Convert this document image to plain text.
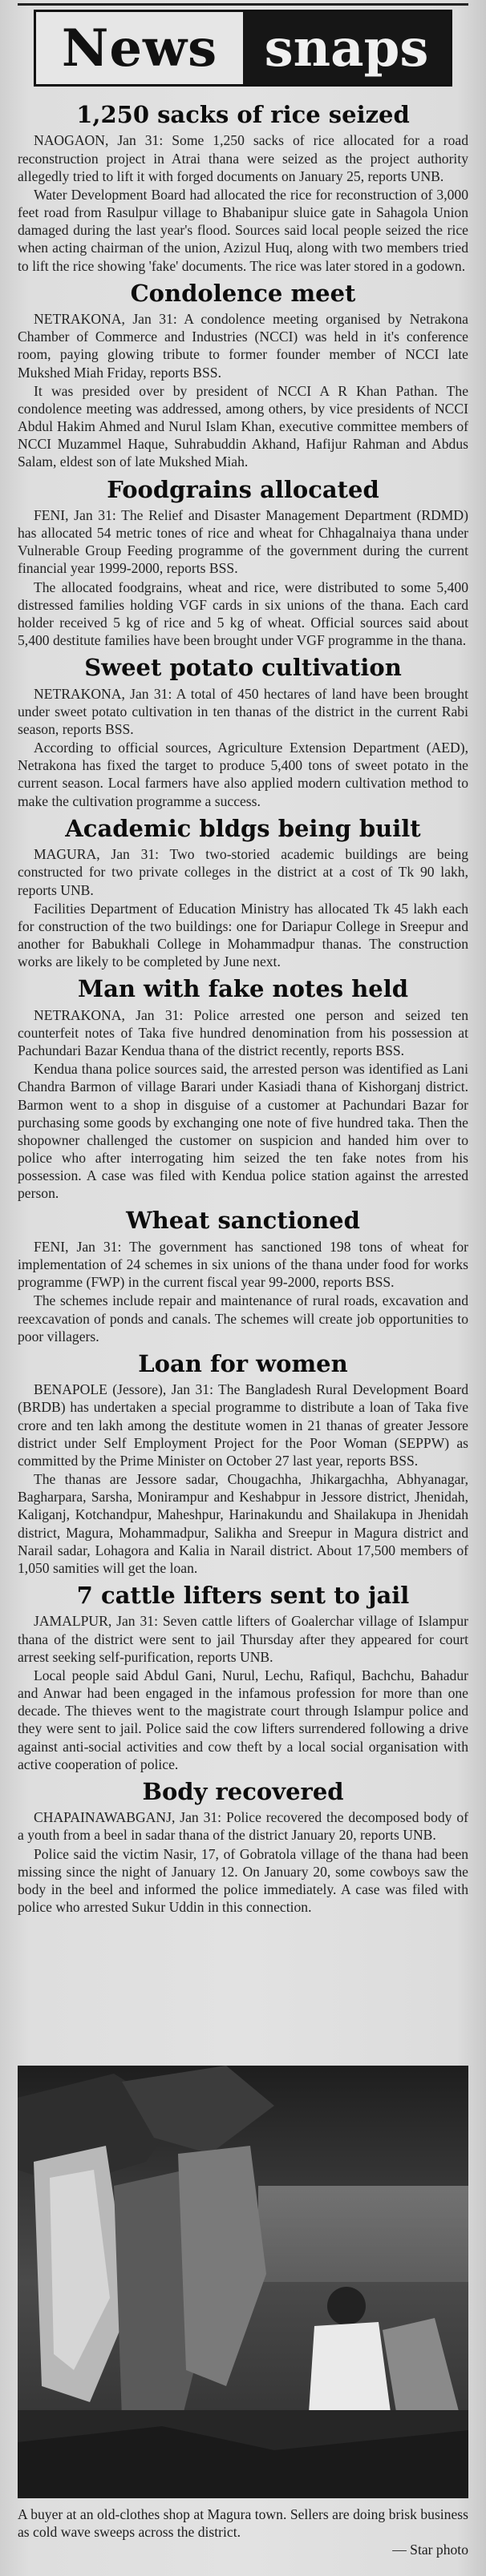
News snaps
1,250 sacks of rice seized

NAOGAON, Jan 31: Some 1,250 sacks of rice allocated for a road reconstruction project in Atrai thana were seized as the project authority allegedly tried to lift it with forged documents on January 25, reports UNB.

Water Development Board had allocated the rice for reconstruction of 3,000 feet road from Rasulpur village to Bhabanipur sluice gate in Sahagola Union damaged during the last year's flood. Sources said local people seized the rice when acting chairman of the union, Azizul Huq, along with two members tried to lift the rice showing 'fake' documents. The rice was later stored in a godown.

Condolence meet

NETRAKONA, Jan 31: A condolence meeting organised by Netrakona Chamber of Commerce and Industries (NCCI) was held in it's conference room, paying glowing tribute to former founder member of NCCI late Mukshed Miah Friday, reports BSS.

It was presided over by president of NCCI A R Khan Pathan. The condolence meeting was addressed, among others, by vice presidents of NCCI Abdul Hakim Ahmed and Nurul Islam Khan, executive committee members of NCCI Muzammel Haque, Suhrabuddin Akhand, Hafijur Rahman and Abdus Salam, eldest son of late Mukshed Miah.

Foodgrains allocated

FENI, Jan 31: The Relief and Disaster Management Department (RDMD) has allocated 54 metric tones of rice and wheat for Chhagalnaiya thana under Vulnerable Group Feeding programme of the government during the current financial year 1999-2000, reports BSS.

The allocated foodgrains, wheat and rice, were distributed to some 5,400 distressed families holding VGF cards in six unions of the thana. Each card holder received 5 kg of rice and 5 kg of wheat. Official sources said about 5,400 destitute families have been brought under VGF programme in the thana.

Sweet potato cultivation

NETRAKONA, Jan 31: A total of 450 hectares of land have been brought under sweet potato cultivation in ten thanas of the district in the current Rabi season, reports BSS.

According to official sources, Agriculture Extension Department (AED), Netrakona has fixed the target to produce 5,400 tons of sweet potato in the current season. Local farmers have also applied modern cultivation method to make the cultivation programme a success.

Academic bldgs being built

MAGURA, Jan 31: Two two-storied academic buildings are being constructed for two private colleges in the district at a cost of Tk 90 lakh, reports UNB.

Facilities Department of Education Ministry has allocated Tk 45 lakh each for construction of the two buildings: one for Dariapur College in Sreepur and another for Babukhali College in Mohammadpur thanas. The construction works are likely to be completed by June next.

Man with fake notes held

NETRAKONA, Jan 31: Police arrested one person and seized ten counterfeit notes of Taka five hundred denomination from his possession at Pachundari Bazar Kendua thana of the district recently, reports BSS.

Kendua thana police sources said, the arrested person was identified as Lani Chandra Barmon of village Barari under Kasiadi thana of Kishorganj district. Barmon went to a shop in disguise of a customer at Pachundari Bazar for purchasing some goods by exchanging one note of five hundred taka. Then the shopowner challenged the customer on suspicion and handed him over to police who after interrogating him seized the ten fake notes from his possession. A case was filed with Kendua police station against the arrested person.

Wheat sanctioned

FENI, Jan 31: The government has sanctioned 198 tons of wheat for implementation of 24 schemes in six unions of the thana under food for works programme (FWP) in the current fiscal year 99-2000, reports BSS.

The schemes include repair and maintenance of rural roads, excavation and reexcavation of ponds and canals. The schemes will create job opportunities to poor villagers.

Loan for women

BENAPOLE (Jessore), Jan 31: The Bangladesh Rural Development Board (BRDB) has undertaken a special programme to distribute a loan of Taka five crore and ten lakh among the destitute women in 21 thanas of greater Jessore district under Self Employment Project for the Poor Woman (SEPPW) as committed by the Prime Minister on October 27 last year, reports BSS.

The thanas are Jessore sadar, Chougachha, Jhikargachha, Abhyanagar, Bagharpara, Sarsha, Monirampur and Keshabpur in Jessore district, Jhenidah, Kaliganj, Kotchandpur, Maheshpur, Harinakundu and Shailakupa in Jhenidah district, Magura, Mohammadpur, Salikha and Sreepur in Magura district and Narail sadar, Lohagora and Kalia in Narail district. About 17,500 members of 1,050 samities will get the loan.

7 cattle lifters sent to jail

JAMALPUR, Jan 31: Seven cattle lifters of Goalerchar village of Islampur thana of the district were sent to jail Thursday after they appeared for court arrest seeking self-purification, reports UNB.

Local people said Abdul Gani, Nurul, Lechu, Rafiqul, Bachchu, Bahadur and Anwar had been engaged in the infamous profession for more than one decade. The thieves went to the magistrate court through Islampur police and they were sent to jail. Police said the cow lifters surrendered following a drive against anti-social activities and cow theft by a local social organisation with active cooperation of police.

Body recovered

CHAPAINAWABGANJ, Jan 31: Police recovered the decomposed body of a youth from a beel in sadar thana of the district January 20, reports UNB.

Police said the victim Nasir, 17, of Gobratola village of the thana had been missing since the night of January 12. On January 20, some cowboys saw the body in the beel and informed the police immediately. A case was filed with police who arrested Sukur Uddin in this connection.

A buyer at an old-clothes shop at Magura town. Sellers are doing brisk business as cold wave sweeps across the district.
— Star photo
